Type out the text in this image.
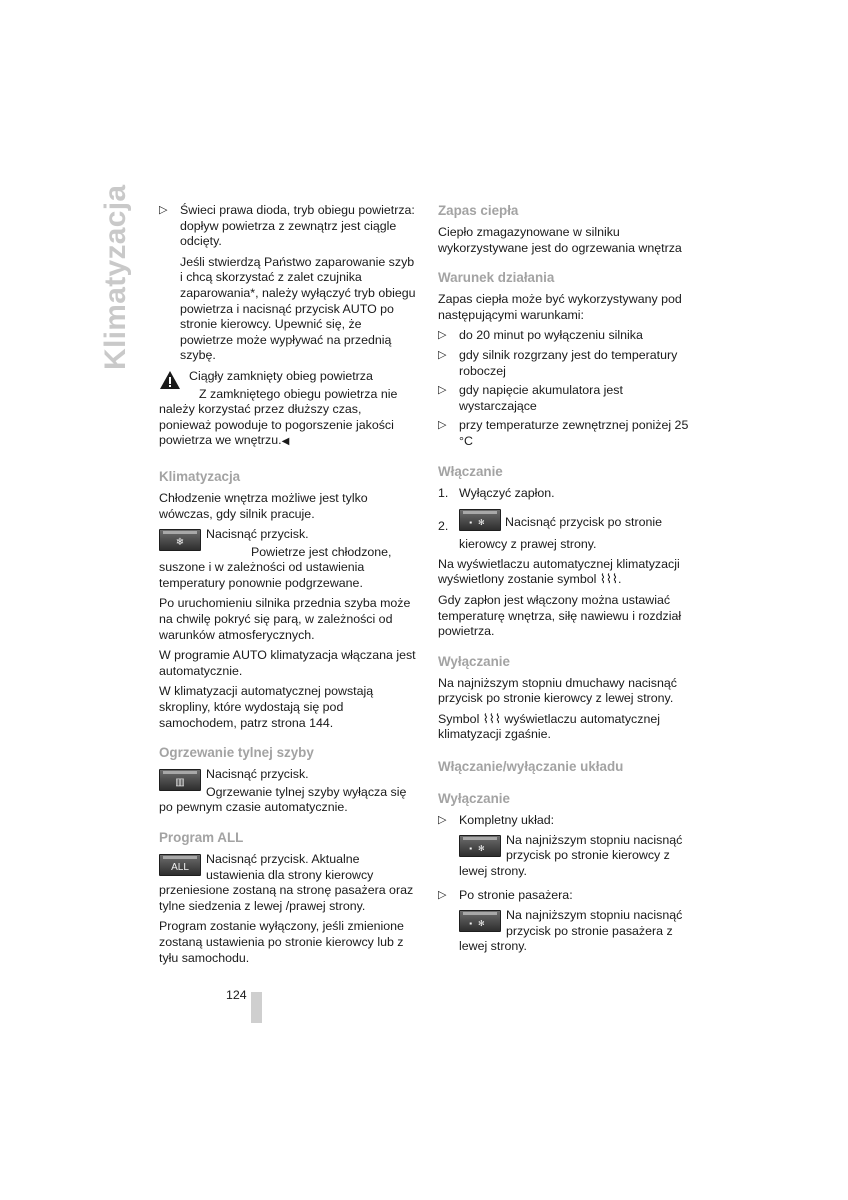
Klimatyzacja ▷ Świeci prawa dioda, tryb obiegu powietrza: dopływ powietrza z zewnątrz jest ciągle odcięty.

Jeśli stwierdzą Państwo zaparowanie szyb i chcą skorzystać z zalet czujnika zaparowania*, należy wyłączyć tryb obiegu powietrza i nacisnąć przycisk AUTO po stronie kierowcy. Upewnić się, że powietrze może wypływać na przednią szybę.

Ciągły zamknięty obieg powietrza

Z zamkniętego obiegu powietrza nie należy korzystać przez dłuższy czas, ponieważ powoduje to pogorszenie jakości powietrza we wnętrzu.◀

Klimatyzacja

Chłodzenie wnętrza możliwe jest tylko wówczas, gdy silnik pracuje.

❄

Nacisnąć przycisk.

Powietrze jest chłodzone, suszone i w zależności od ustawienia temperatury ponownie podgrzewane.

Po uruchomieniu silnika przednia szyba może na chwilę pokryć się parą, w zależności od warunków atmosferycznych.

W programie AUTO klimatyzacja włączana jest automatycznie.

W klimatyzacji automatycznej powstają skropliny, które wydostają się pod samochodem, patrz strona 144.

Ogrzewanie tylnej szyby
▥

Nacisnąć przycisk.

Ogrzewanie tylnej szyby wyłącza się po pewnym czasie automatycznie.

Program ALL
ALL

Nacisnąć przycisk. Aktualne ustawienia dla strony kierowcy przeniesione zostaną na stronę pasażera oraz tylne siedzenia z lewej /prawej strony.

Program zostanie wyłączony, jeśli zmienione zostaną ustawienia po stronie kierowcy lub z tyłu samochodu.

Zapas ciepła

Ciepło zmagazynowane w silniku wykorzystywane jest do ogrzewania wnętrza

Warunek działania

Zapas ciepła może być wykorzystywany pod następującymi warunkami:

▷ do 20 minut po wyłączeniu silnika
▷ gdy silnik rozgrzany jest do temperatury roboczej
▷ gdy napięcie akumulatora jest wystarczające
▷ przy temperaturze zewnętrznej poniżej 25 °C
Włączanie
1. Wyłączyć zapłon.
2.	▪✻ Nacisnąć przycisk po stronie kierowcy z prawej strony.

Na wyświetlaczu automatycznej klimatyzacji wyświetlony zostanie symbol ⌇⌇⌇.

Gdy zapłon jest włączony można ustawiać temperaturę wnętrza, siłę nawiewu i rozdział powietrza.

Wyłączanie

Na najniższym stopniu dmuchawy nacisnąć przycisk po stronie kierowcy z lewej strony.

Symbol ⌇⌇⌇ wyświetlaczu automatycznej klimatyzacji zgaśnie.

Włączanie/wyłączanie układu
Wyłączanie
▷ Kompletny układ:

▪✻

Na najniższym stopniu nacisnąć przycisk po stronie kierowcy z lewej strony.

▷ Po stronie pasażera:

▪✻

Na najniższym stopniu nacisnąć przycisk po stronie pasażera z lewej strony.

124
